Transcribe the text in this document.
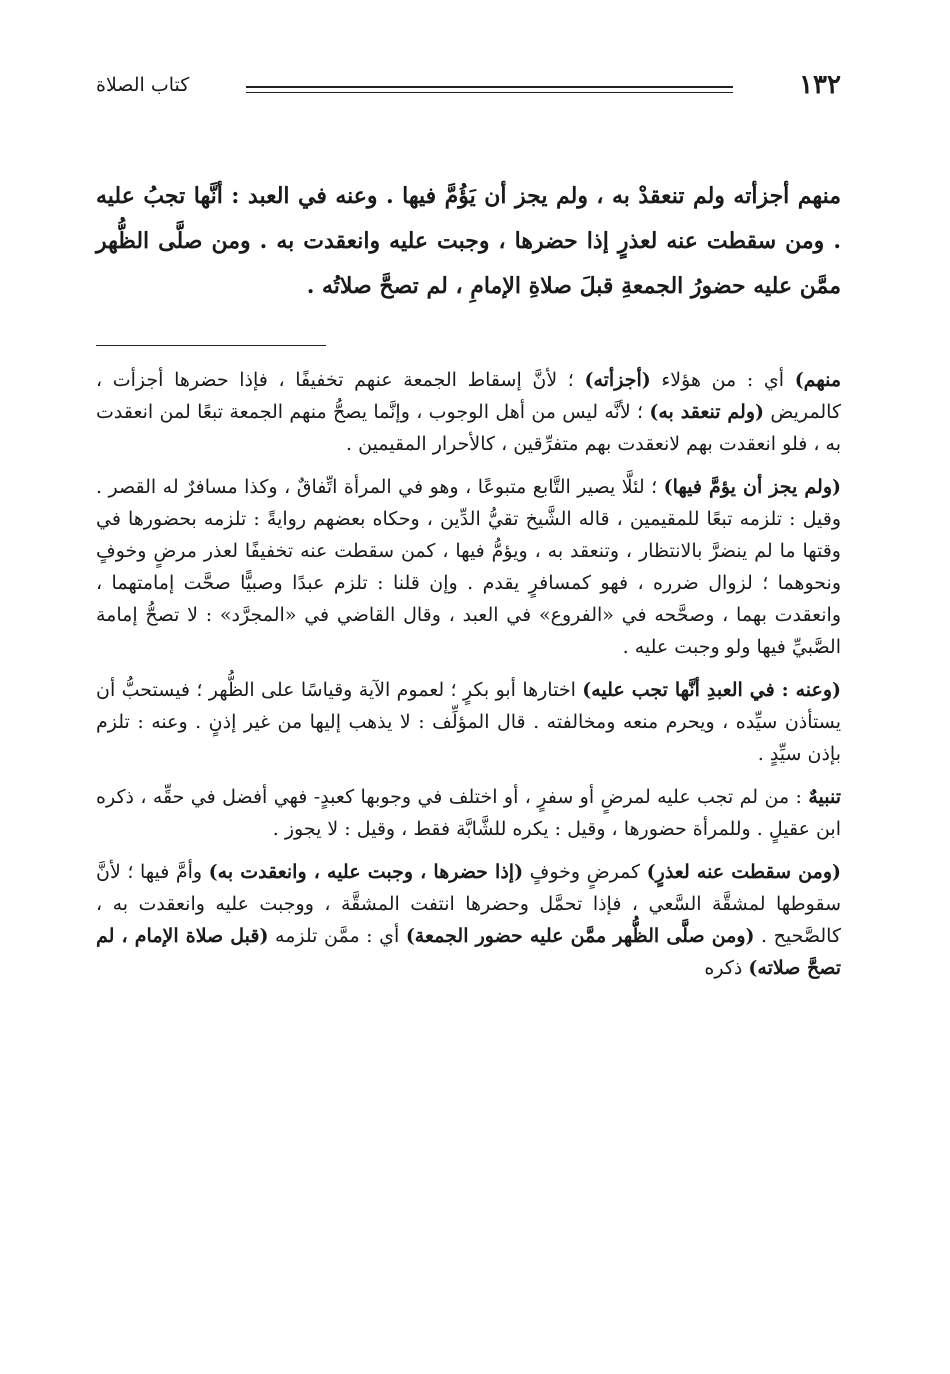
١٣٢
كتاب الصلاة

منهم أجزأته ولم تنعقدْ به ، ولم يجز أن يَؤُمَّ فيها . وعنه في العبد : أنَّها تجبُ عليه . ومن سقطت عنه لعذرٍ إذا حضرها ، وجبت عليه وانعقدت به . ومن صلَّى الظُّهر ممَّن عليه حضورُ الجمعةِ قبلَ صلاةِ الإمامِ ، لم تصحَّ صلاتُه .

منهم) أي : من هؤلاء (أجزأته) ؛ لأنَّ إسقاط الجمعة عنهم تخفيفًا ، فإذا حضرها أجزأت ، كالمريض (ولم تنعقد به) ؛ لأنَّه ليس من أهل الوجوب ، وإنَّما يصحُّ منهم الجمعة تبعًا لمن انعقدت به ، فلو انعقدت بهم لانعقدت بهم متفرِّقين ، كالأحرار المقيمين .

(ولم يجز أن يؤمَّ فيها) ؛ لئلَّا يصير التَّابع متبوعًا ، وهو في المرأة اتِّفاقٌ ، وكذا مسافرٌ له القصر . وقيل : تلزمه تبعًا للمقيمين ، قاله الشَّيخ تقيُّ الدِّين ، وحكاه بعضهم روايةً : تلزمه بحضورها في وقتها ما لم ينضرَّ بالانتظار ، وتنعقد به ، ويؤمُّ فيها ، كمن سقطت عنه تخفيفًا لعذر مرضٍ وخوفٍ ونحوهما ؛ لزوال ضرره ، فهو كمسافرٍ يقدم . وإن قلنا : تلزم عبدًا وصبيًّا صحَّت إمامتهما ، وانعقدت بهما ، وصحَّحه في «الفروع» في العبد ، وقال القاضي في «المجرَّد» : لا تصحُّ إمامة الصَّبيِّ فيها ولو وجبت عليه .

(وعنه : في العبدِ أنَّها تجب عليه) اختارها أبو بكرٍ ؛ لعموم الآية وقياسًا على الظُّهر ؛ فيستحبُّ أن يستأذن سيِّده ، ويحرم منعه ومخالفته . قال المؤلِّف : لا يذهب إليها من غير إذنٍ . وعنه : تلزم بإذن سيِّدٍ .

تنبيهٌ : من لم تجب عليه لمرضٍ أو سفرٍ ، أو اختلف في وجوبها كعبدٍ- فهي أفضل في حقِّه ، ذكره ابن عقيلٍ . وللمرأة حضورها ، وقيل : يكره للشَّابَّة فقط ، وقيل : لا يجوز .

(ومن سقطت عنه لعذرٍ) كمرضٍ وخوفٍ (إذا حضرها ، وجبت عليه ، وانعقدت به) وأمَّ فيها ؛ لأنَّ سقوطها لمشقَّة السَّعي ، فإذا تحمَّل وحضرها انتفت المشقَّة ، ووجبت عليه وانعقدت به ، كالصَّحيح . (ومن صلَّى الظُّهر ممَّن عليه حضور الجمعة) أي : ممَّن تلزمه (قبل صلاة الإمام ، لم تصحَّ صلاته) ذكره
